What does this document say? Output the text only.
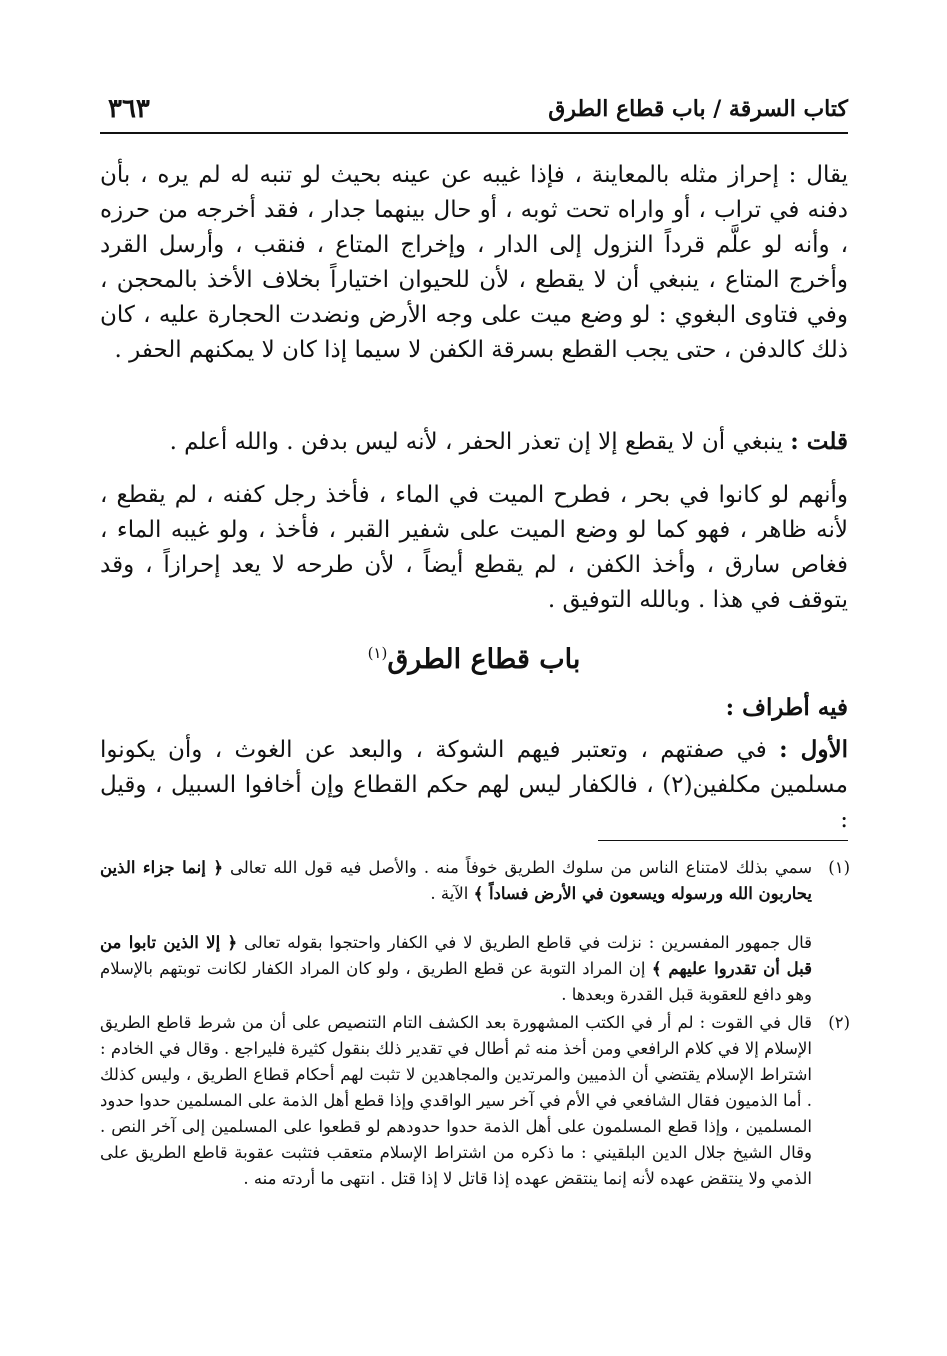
كتاب السرقة / باب قطاع الطرق
٣٦٣

يقال : إحراز مثله بالمعاينة ، فإذا غيبه عن عينه بحيث لو تنبه له لم يره ، بأن دفنه في تراب ، أو واراه تحت ثوبه ، أو حال بينهما جدار ، فقد أخرجه من حرزه ، وأنه لو علَّم قرداً النزول إلى الدار ، وإخراج المتاع ، فنقب ، وأرسل القرد وأخرج المتاع ، ينبغي أن لا يقطع ، لأن للحيوان اختياراً بخلاف الأخذ بالمحجن ، وفي فتاوى البغوي : لو وضع ميت على وجه الأرض ونضدت الحجارة عليه ، كان ذلك كالدفن ، حتى يجب القطع بسرقة الكفن لا سيما إذا كان لا يمكنهم الحفر .

قلت : ينبغي أن لا يقطع إلا إن تعذر الحفر ، لأنه ليس بدفن . والله أعلم .

وأنهم لو كانوا في بحر ، فطرح الميت في الماء ، فأخذ رجل كفنه ، لم يقطع ، لأنه ظاهر ، فهو كما لو وضع الميت على شفير القبر ، فأخذ ، ولو غيبه الماء ، فغاص سارق ، وأخذ الكفن ، لم يقطع أيضاً ، لأن طرحه لا يعد إحرازاً ، وقد يتوقف في هذا . وبالله التوفيق .

باب قطاع الطرق$^{(١)}$

فيه أطراف :

الأول : في صفتهم ، وتعتبر فيهم الشوكة ، والبعد عن الغوث ، وأن يكونوا مسلمين مكلفين(٢) ، فالكفار ليس لهم حكم القطاع وإن أخافوا السبيل ، وقيل :

(١)
سمي بذلك لامتناع الناس من سلوك الطريق خوفاً منه . والأصل فيه قول الله تعالى ﴿ إنما جزاء الذين يحاربون الله ورسوله ويسعون في الأرض فساداً ﴾ الآية .

قال جمهور المفسرين : نزلت في قاطع الطريق لا في الكفار واحتجوا بقوله تعالى ﴿ إلا الذين تابوا من قبل أن تقدروا عليهم ﴾ إن المراد التوبة عن قطع الطريق ، ولو كان المراد الكفار لكانت توبتهم بالإسلام وهو دافع للعقوبة قبل القدرة وبعدها .

(٢)
قال في القوت : لم أر في الكتب المشهورة بعد الكشف التام التنصيص على أن من شرط قاطع الطريق الإسلام إلا في كلام الرافعي ومن أخذ منه ثم أطال في تقدير ذلك بنقول كثيرة فليراجع . وقال في الخادم : اشتراط الإسلام يقتضي أن الذميين والمرتدين والمجاهدين لا تثبت لهم أحكام قطاع الطريق ، وليس كذلك . أما الذميون فقال الشافعي في الأم في آخر سير الواقدي وإذا قطع أهل الذمة على المسلمين حدوا حدود المسلمين ، وإذا قطع المسلمون على أهل الذمة حدوا حدودهم لو قطعوا على المسلمين إلى آخر النص . وقال الشيخ جلال الدين البلقيني : ما ذكره من اشتراط الإسلام متعقب فتثبت عقوبة قاطع الطريق على الذمي ولا ينتقض عهده لأنه إنما ينتقض عهده إذا قاتل لا إذا قتل . انتهى ما أردته منه .
